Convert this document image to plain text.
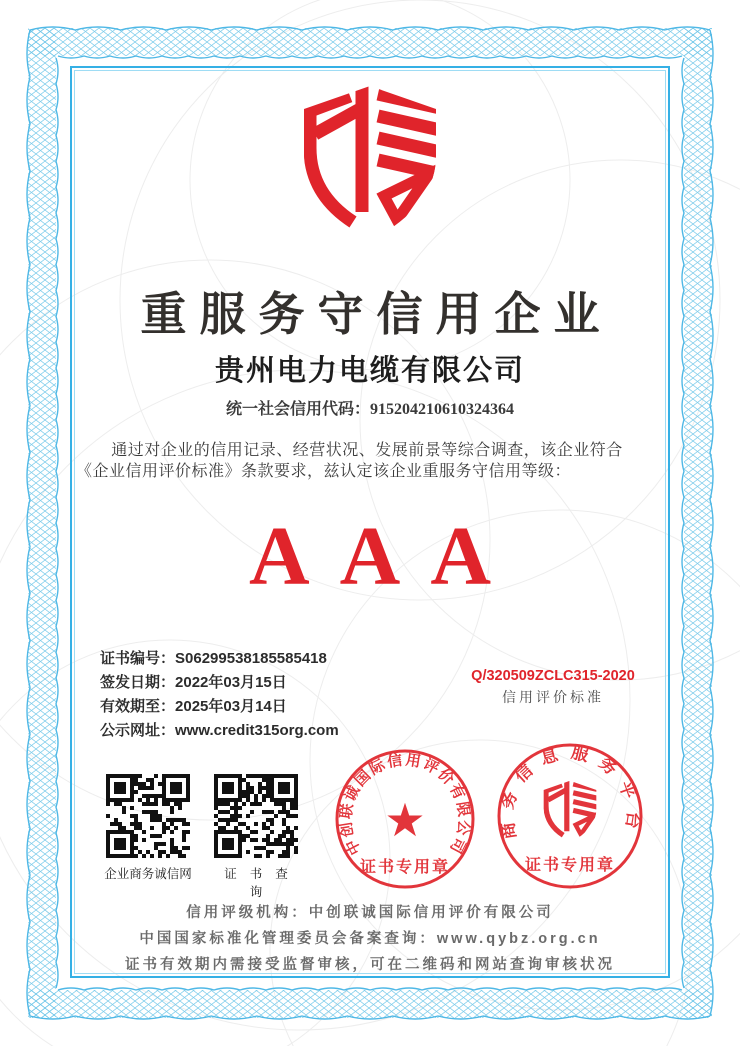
重服务守信用企业
贵州电力电缆有限公司
统一社会信用代码：915204210610324364
通过对企业的信用记录、经营状况、发展前景等综合调查，该企业符合
《企业信用评价标准》条款要求，兹认定该企业重服务守信用等级：
AAA
证书编号：S06299538185585418
签发日期：2022年03月15日
有效期至：2025年03月14日
公示网址：www.credit315org.com
Q/320509ZCLC315-2020
信用评价标准
企业商务诚信网	证书查询
中创联诚国际信用评价有限公司
★
证书专用章
商务信息服务平台
证书专用章
信用评级机构：中创联诚国际信用评价有限公司
中国国家标准化管理委员会备案查询：www.qybz.org.cn
证书有效期内需接受监督审核，可在二维码和网站查询审核状况
